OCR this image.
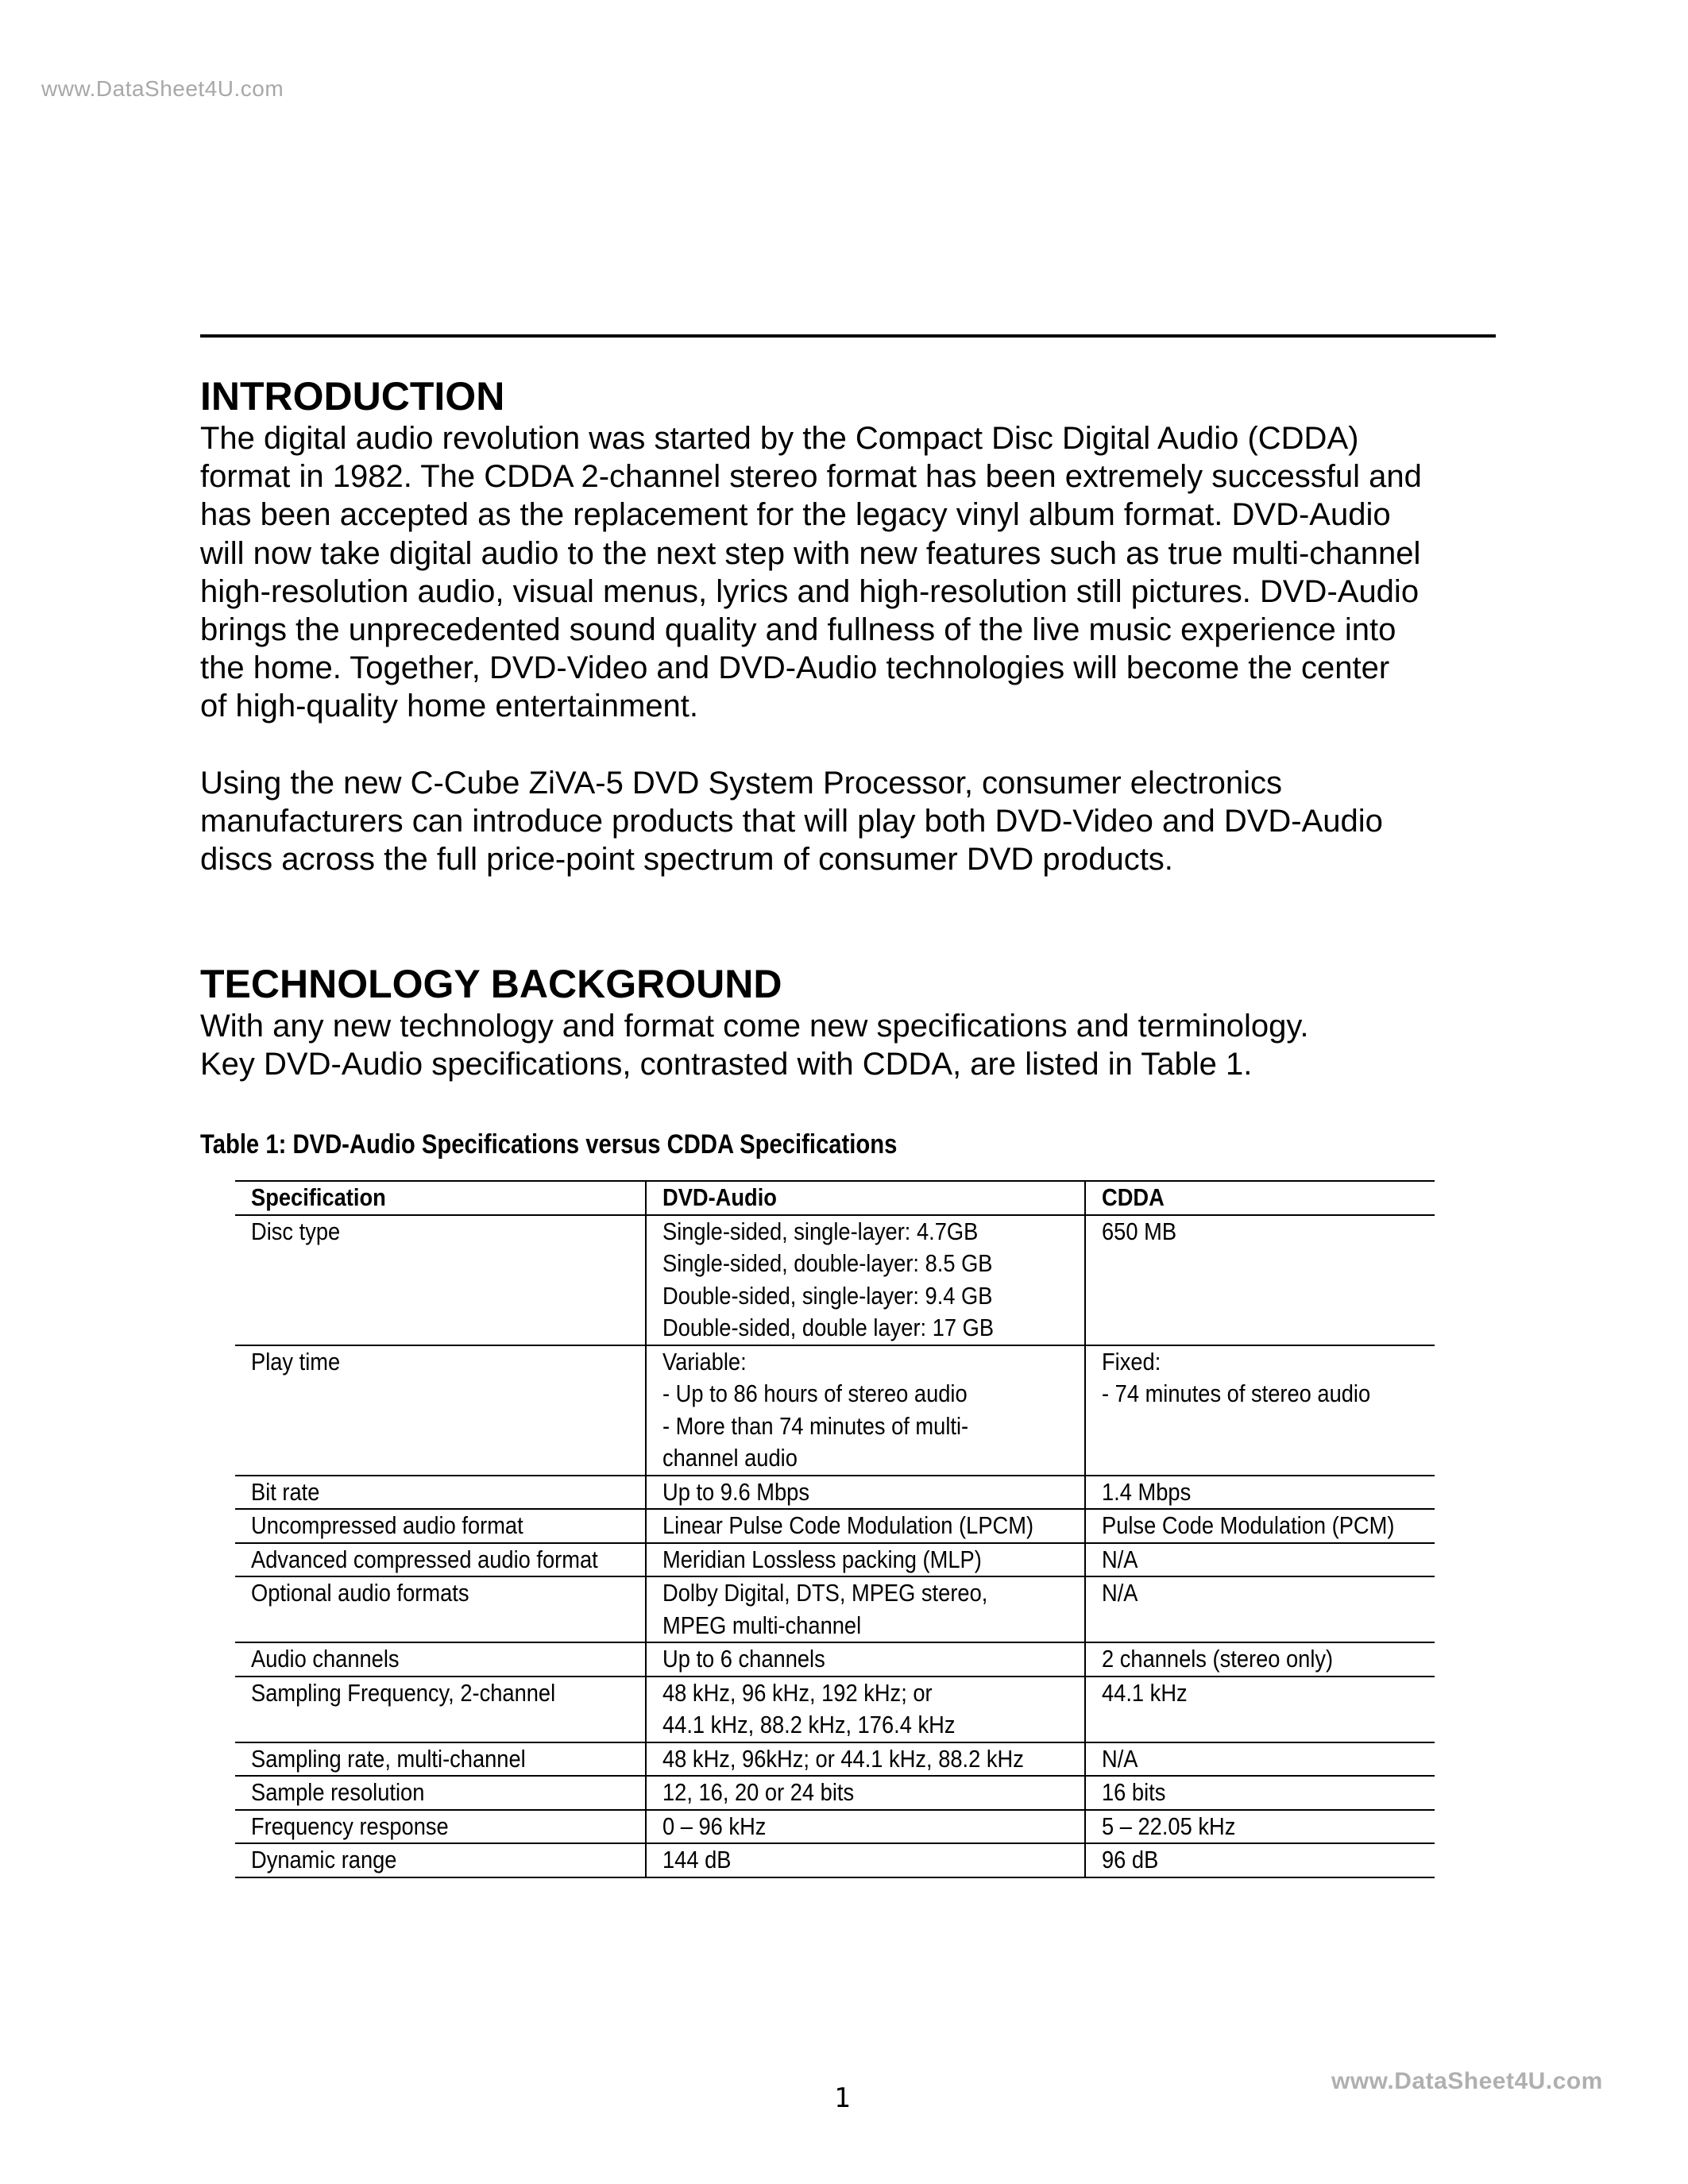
www.DataSheet4U.com
INTRODUCTION

The digital audio revolution was started by the Compact Disc Digital Audio (CDDA)
format in 1982. The CDDA 2-channel stereo format has been extremely successful and
has been accepted as the replacement for the legacy vinyl album format. DVD-Audio
will now take digital audio to the next step with new features such as true multi-channel
high-resolution audio, visual menus, lyrics and high-resolution still pictures. DVD-Audio
brings the unprecedented sound quality and fullness of the live music experience into
the home. Together, DVD-Video and DVD-Audio technologies will become the center
of high-quality home entertainment.

Using the new C-Cube ZiVA-5 DVD System Processor, consumer electronics
manufacturers can introduce products that will play both DVD-Video and DVD-Audio
discs across the full price-point spectrum of consumer DVD products.

TECHNOLOGY BACKGROUND

With any new technology and format come new specifications and terminology.
Key DVD-Audio specifications, contrasted with CDDA, are listed in Table 1.

Table 1: DVD-Audio Specifications versus CDDA Specifications
Specification	DVD-Audio	CDDA
Disc type	Single-sided, single-layer: 4.7GB
Single-sided, double-layer: 8.5 GB
Double-sided, single-layer: 9.4 GB
Double-sided, double layer: 17 GB	650 MB
Play time	Variable:
- Up to 86 hours of stereo audio
- More than 74 minutes of multi-
channel audio	Fixed:
- 74 minutes of stereo audio
Bit rate	Up to 9.6 Mbps	1.4 Mbps
Uncompressed audio format	Linear Pulse Code Modulation (LPCM)	Pulse Code Modulation (PCM)
Advanced compressed audio format	Meridian Lossless packing (MLP)	N/A
Optional audio formats	Dolby Digital, DTS, MPEG stereo,
MPEG multi-channel	N/A
Audio channels	Up to 6 channels	2 channels (stereo only)
Sampling Frequency, 2-channel	48 kHz, 96 kHz, 192 kHz; or
44.1 kHz, 88.2 kHz, 176.4 kHz	44.1 kHz
Sampling rate, multi-channel	48 kHz, 96kHz; or 44.1 kHz, 88.2 kHz	N/A
Sample resolution	12, 16, 20 or 24 bits	16 bits
Frequency response	0 – 96 kHz	5 – 22.05 kHz
Dynamic range	144 dB	96 dB
1
www.DataSheet4U.com
